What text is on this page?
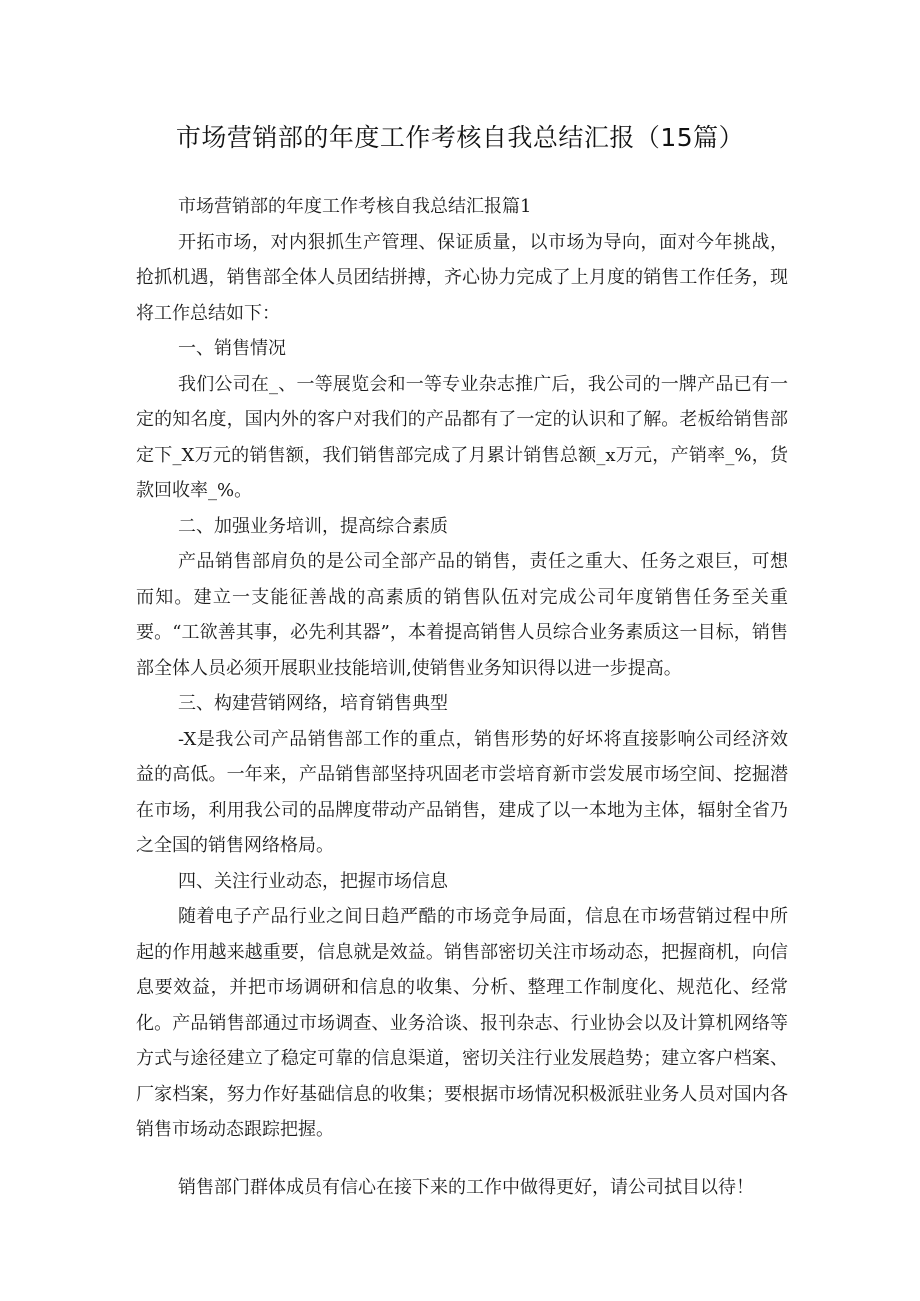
市场营销部的年度工作考核自我总结汇报（15篇）

市场营销部的年度工作考核自我总结汇报篇1

开拓市场，对内狠抓生产管理、保证质量，以市场为导向，面对今年挑战，抢抓机遇，销售部全体人员团结拼搏，齐心协力完成了上月度的销售工作任务，现将工作总结如下：

一、销售情况

我们公司在_、一等展览会和一等专业杂志推广后，我公司的一牌产品已有一定的知名度，国内外的客户对我们的产品都有了一定的认识和了解。老板给销售部定下_X万元的销售额，我们销售部完成了月累计销售总额_x万元，产销率_%，货款回收率_%。

二、加强业务培训，提高综合素质

产品销售部肩负的是公司全部产品的销售，责任之重大、任务之艰巨，可想而知。建立一支能征善战的高素质的销售队伍对完成公司年度销售任务至关重要。“工欲善其事，必先利其器”，本着提高销售人员综合业务素质这一目标，销售部全体人员必须开展职业技能培训,使销售业务知识得以进一步提高。

三、构建营销网络，培育销售典型

-X是我公司产品销售部工作的重点，销售形势的好坏将直接影响公司经济效益的高低。一年来，产品销售部坚持巩固老市尝培育新市尝发展市场空间、挖掘潜在市场，利用我公司的品牌度带动产品销售，建成了以一本地为主体，辐射全省乃之全国的销售网络格局。

四、关注行业动态，把握市场信息

随着电子产品行业之间日趋严酷的市场竞争局面，信息在市场营销过程中所起的作用越来越重要，信息就是效益。销售部密切关注市场动态，把握商机，向信息要效益，并把市场调研和信息的收集、分析、整理工作制度化、规范化、经常化。产品销售部通过市场调查、业务洽谈、报刊杂志、行业协会以及计算机网络等方式与途径建立了稳定可靠的信息渠道，密切关注行业发展趋势；建立客户档案、厂家档案，努力作好基础信息的收集；要根据市场情况积极派驻业务人员对国内各销售市场动态跟踪把握。

销售部门群体成员有信心在接下来的工作中做得更好，请公司拭目以待！
